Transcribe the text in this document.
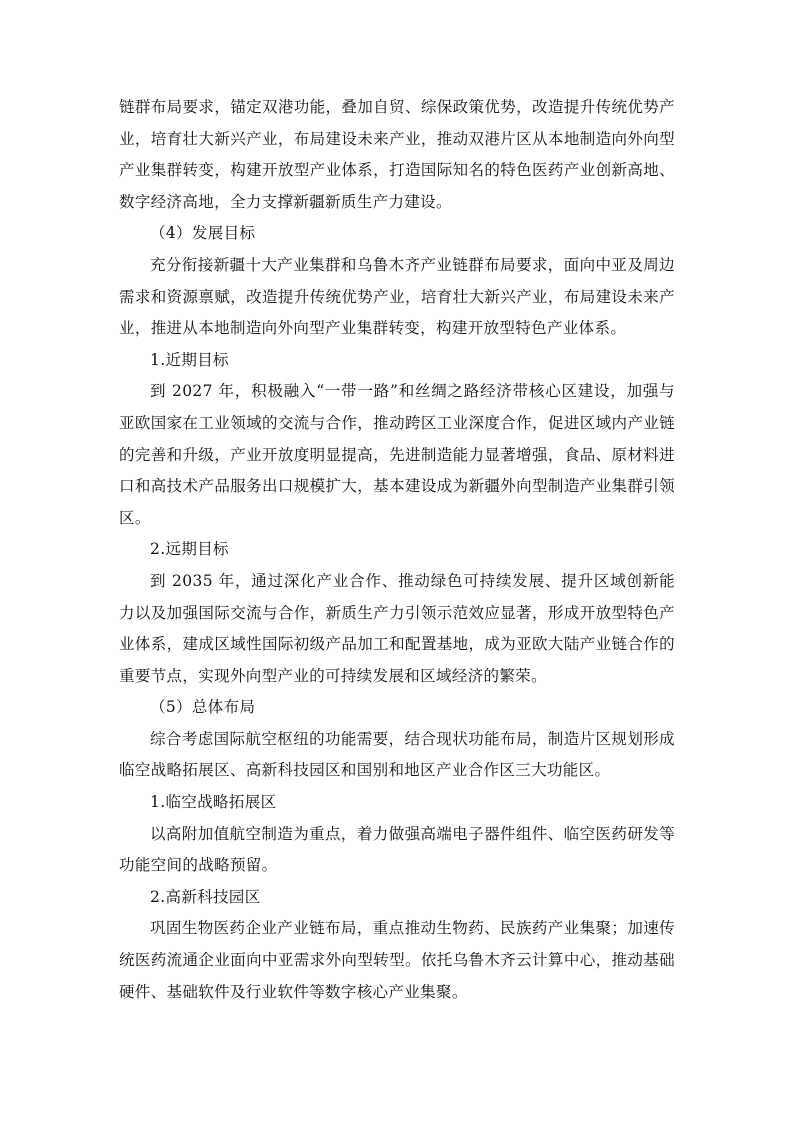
链群布局要求，锚定双港功能，叠加自贸、综保政策优势，改造提升传统优势产业，培育壮大新兴产业，布局建设未来产业，推动双港片区从本地制造向外向型产业集群转变，构建开放型产业体系，打造国际知名的特色医药产业创新高地、数字经济高地，全力支撑新疆新质生产力建设。

（4）发展目标

充分衔接新疆十大产业集群和乌鲁木齐产业链群布局要求，面向中亚及周边需求和资源禀赋，改造提升传统优势产业，培育壮大新兴产业，布局建设未来产业，推进从本地制造向外向型产业集群转变，构建开放型特色产业体系。

1.近期目标

到 2027 年，积极融入“一带一路”和丝绸之路经济带核心区建设，加强与亚欧国家在工业领域的交流与合作，推动跨区工业深度合作，促进区域内产业链的完善和升级，产业开放度明显提高，先进制造能力显著增强，食品、原材料进口和高技术产品服务出口规模扩大，基本建设成为新疆外向型制造产业集群引领区。

2.远期目标

到 2035 年，通过深化产业合作、推动绿色可持续发展、提升区域创新能力以及加强国际交流与合作，新质生产力引领示范效应显著，形成开放型特色产业体系，建成区域性国际初级产品加工和配置基地，成为亚欧大陆产业链合作的重要节点，实现外向型产业的可持续发展和区域经济的繁荣。

（5）总体布局

综合考虑国际航空枢纽的功能需要，结合现状功能布局，制造片区规划形成临空战略拓展区、高新科技园区和国别和地区产业合作区三大功能区。

1.临空战略拓展区

以高附加值航空制造为重点，着力做强高端电子器件组件、临空医药研发等功能空间的战略预留。

2.高新科技园区

巩固生物医药企业产业链布局，重点推动生物药、民族药产业集聚；加速传统医药流通企业面向中亚需求外向型转型。依托乌鲁木齐云计算中心，推动基础硬件、基础软件及行业软件等数字核心产业集聚。
